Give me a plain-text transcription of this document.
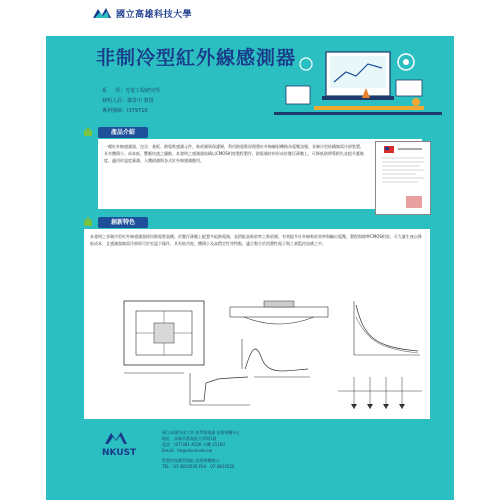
國立高雄科技大學
非制冷型紅外線感測器
系 　 所：光電工程研究所
發明人員：蕭景中 教授
專利號碼：I379710
產品介紹
一種紅外線感測器，包含：基板、熱電堆感測元件、吸收層與保護層，利用熱電堆原理將紅外線輻射轉換為電壓訊號；非制冷型結構無需冷卻裝置，具有體積小、成本低、響應快速之優點。本發明之感測器結構以CMOS相容製程製作，熱電偶材料形成於懸浮薄膜上，可降低熱傳導損失並提升靈敏度，適用於溫度量測、人體偵測與各式紅外線感測應用。
創新特色
本發明之非制冷型紅外線感測器採用熱電堆架構，於懸浮薄膜上配置多組熱電偶，並搭配高吸收率之吸收層，有效提升紅外線吸收效率與輸出電壓。製程與標準CMOS相容，可大量生產以降低成本，且感測器無需冷卻即可於室溫下操作，具有低功耗、體積小及高穩定性等特點，適合整合於消費性電子與工業監控設備之中。
NKUST
國立高雄科技大學 產學營運處 技術移轉中心
地址：高雄市燕巢區大學路1號
電話：(07)381-4526 分機 15100
Email：tlo@nkust.edu.tw
智慧財產權管理組 技術移轉窗口
TEL：07-3814526 FAX：07-3814526
